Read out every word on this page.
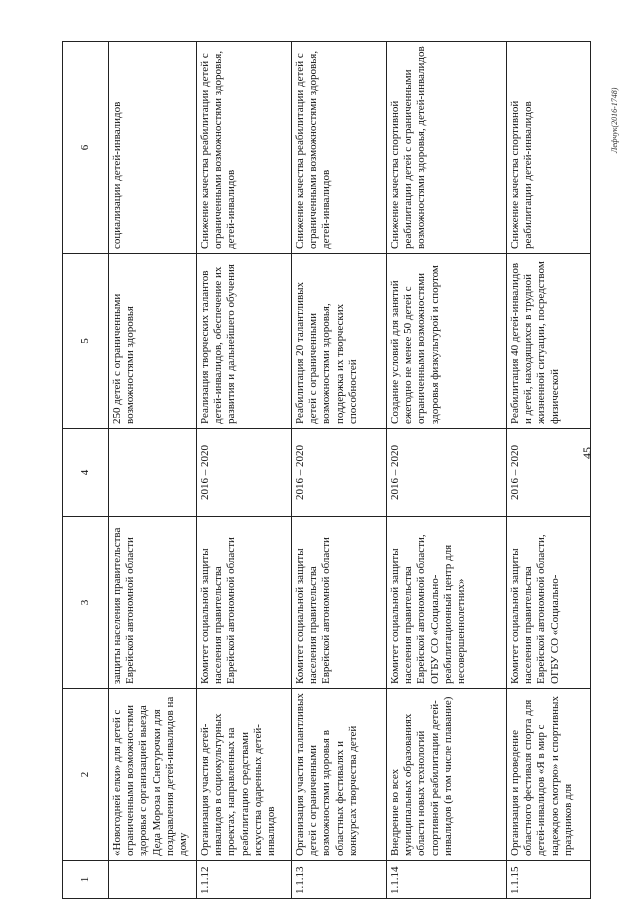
45
1	2	3	4	5	6
	«Новогодней елки» для детей с ограниченными возможностями здоровья с организацией выезда Деда Мороза и Снегурочки для поздравления детей-инвалидов на дому	защиты населения правительства Еврейской автономной области		250 детей с ограниченными возможностями здоровья	социализации детей-инвалидов
1.1.12	Организация участия детей-инвалидов в социокультурных проектах, направленных на реабилитацию средствами искусства одаренных детей-инвалидов	Комитет социальной защиты населения правительства Еврейской автономной области	2016 – 2020	Реализация творческих талантов детей-инвалидов, обеспечение их развития и дальнейшего обучения	Снижение качества реабилитации детей с ограниченными возможностями здоровья, детей-инвалидов
1.1.13	Организация участия талантливых детей с ограниченными возможностями здоровья в областных фестивалях и конкурсах творчества детей	Комитет социальной защиты населения правительства Еврейской автономной области	2016 – 2020	Реабилитация 20 талантливых детей с ограниченными возможностями здоровья, поддержка их творческих способностей	Снижение качества реабилитации детей с ограниченными возможностями здоровья, детей-инвалидов
1.1.14	Внедрение во всех муниципальных образованиях области новых технологий спортивной реабилитации детей-инвалидов (в том числе плавание)	Комитет социальной защиты населения правительства Еврейской автономной области, ОГБУ СО «Социально-реабилитационный центр для несовершеннолетних»	2016 – 2020	Создание условий для занятий ежегодно не менее 50 детей с ограниченными возможностями здоровья физкультурой и спортом	Снижение качества спортивной реабилитации детей с ограниченными возможностями здоровья, детей-инвалидов
1.1.15	Организация и проведение областного фестиваля спорта для детей-инвалидов «Я в мир с надеждою смотрю» и спортивных праздников для	Комитет социальной защиты населения правительства Еврейской автономной области, ОГБУ СО «Социально-	2016 – 2020	Реабилитация 40 детей-инвалидов и детей, находящихся в трудной жизненной ситуации, посредством физической	Снижение качества спортивной реабилитации детей-инвалидов	Лефчук(2016-1748)
